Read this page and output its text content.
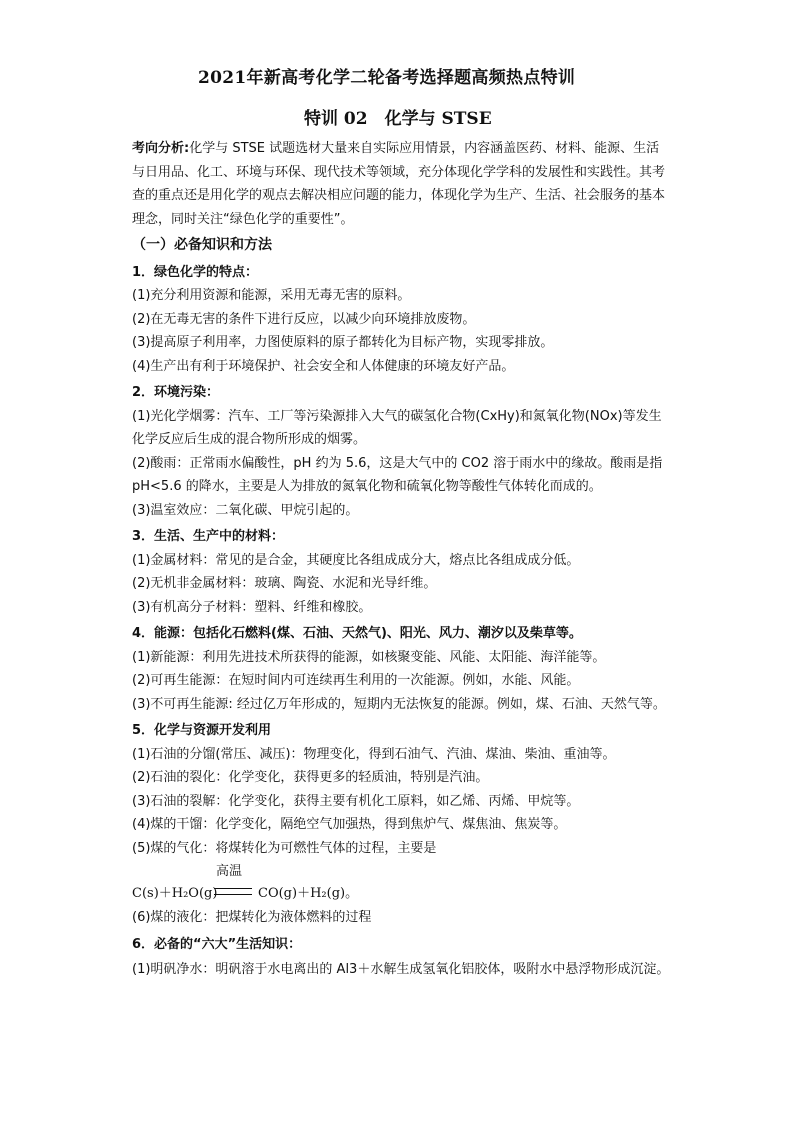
2021年新高考化学二轮备考选择题高频热点特训
特训 02　化学与 STSE

考向分析:化学与 STSE 试题选材大量来自实际应用情景，内容涵盖医药、材料、能源、生活与日用品、化工、环境与环保、现代技术等领域，充分体现化学学科的发展性和实践性。其考查的重点还是用化学的观点去解决相应问题的能力，体现化学为生产、生活、社会服务的基本理念，同时关注“绿色化学的重要性”。

（一）必备知识和方法

1．绿色化学的特点：

(1)充分利用资源和能源，采用无毒无害的原料。

(2)在无毒无害的条件下进行反应，以减少向环境排放废物。

(3)提高原子利用率，力图使原料的原子都转化为目标产物，实现零排放。

(4)生产出有利于环境保护、社会安全和人体健康的环境友好产品。

2．环境污染：

(1)光化学烟雾：汽车、工厂等污染源排入大气的碳氢化合物(CxHy)和氮氧化物(NOx)等发生化学反应后生成的混合物所形成的烟雾。

(2)酸雨：正常雨水偏酸性，pH 约为 5.6，这是大气中的 CO2 溶于雨水中的缘故。酸雨是指 pH<5.6 的降水，主要是人为排放的氮氧化物和硫氧化物等酸性气体转化而成的。

(3)温室效应：二氧化碳、甲烷引起的。

3．生活、生产中的材料：

(1)金属材料：常见的是合金，其硬度比各组成成分大，熔点比各组成成分低。

(2)无机非金属材料：玻璃、陶瓷、水泥和光导纤维。

(3)有机高分子材料：塑料、纤维和橡胶。

4．能源：包括化石燃料(煤、石油、天然气)、阳光、风力、潮汐以及柴草等。

(1)新能源：利用先进技术所获得的能源，如核聚变能、风能、太阳能、海洋能等。

(2)可再生能源：在短时间内可连续再生利用的一次能源。例如，水能、风能。

(3)不可再生能源: 经过亿万年形成的，短期内无法恢复的能源。例如，煤、石油、天然气等。

5．化学与资源开发利用

(1)石油的分馏(常压、减压)：物理变化，得到石油气、汽油、煤油、柴油、重油等。

(2)石油的裂化：化学变化，获得更多的轻质油，特别是汽油。

(3)石油的裂解：化学变化，获得主要有机化工原料，如乙烯、丙烯、甲烷等。

(4)煤的干馏：化学变化，隔绝空气加强热，得到焦炉气、煤焦油、焦炭等。

(5)煤的气化：将煤转化为可燃性气体的过程，主要是

高温
C(s)＋H₂O(g)	CO(g)＋H₂(g)。

(6)煤的液化：把煤转化为液体燃料的过程

6．必备的“六大”生活知识：

(1)明矾净水：明矾溶于水电离出的 Al3＋水解生成氢氧化铝胶体，吸附水中悬浮物形成沉淀。
